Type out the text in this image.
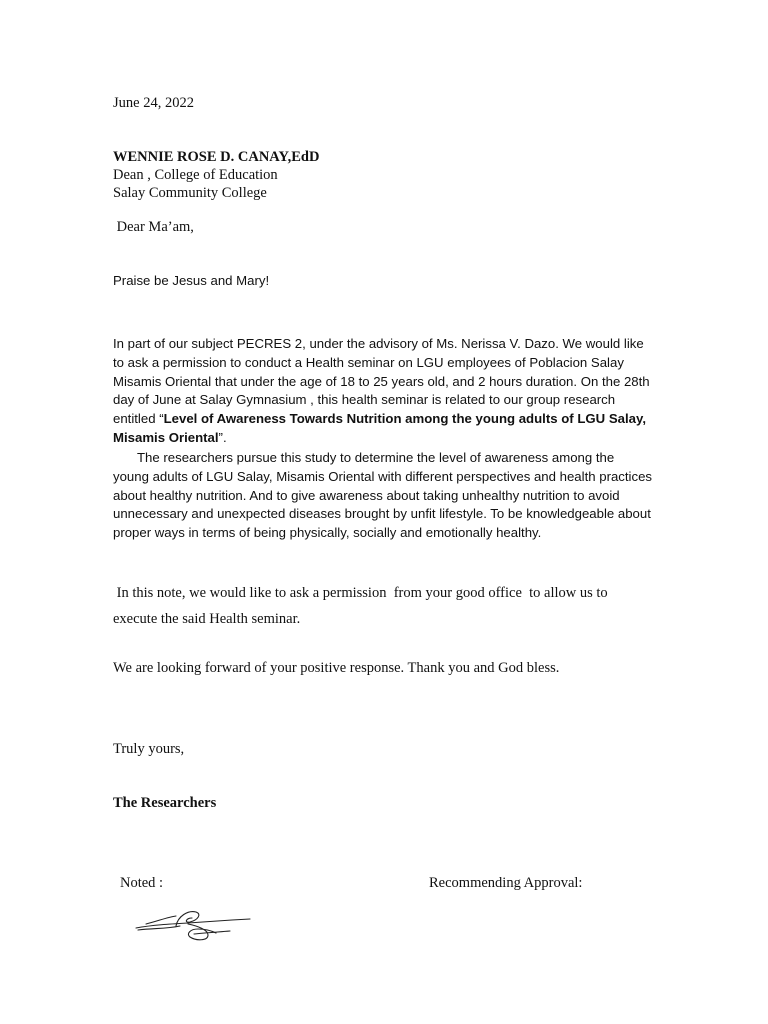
June 24, 2022

WENNIE ROSE D. CANAY,EdD
Dean , College of Education
Salay Community College

Dear Ma’am,

Praise be Jesus and Mary!

In part of our subject PECRES 2, under the advisory of Ms. Nerissa V. Dazo. We would like to ask a permission to conduct a Health seminar on LGU employees of Poblacion Salay Misamis Oriental that under the age of 18 to 25 years old, and 2 hours duration. On the 28th day of June at Salay Gymnasium , this health seminar is related to our group research entitled “Level of Awareness Towards Nutrition among the young adults of LGU Salay, Misamis Oriental”.

The researchers pursue this study to determine the level of awareness among the young adults of LGU Salay, Misamis Oriental with different perspectives and health practices about healthy nutrition. And to give awareness about taking unhealthy nutrition to avoid unnecessary and unexpected diseases brought by unfit lifestyle. To be knowledgeable about proper ways in terms of being physically, socially and emotionally healthy.

In this note, we would like to ask a permission  from your good office  to allow us to execute the said Health seminar.

We are looking forward of your positive response. Thank you and God bless.

Truly yours,

The Researchers

Noted :	Recommending Approval:
